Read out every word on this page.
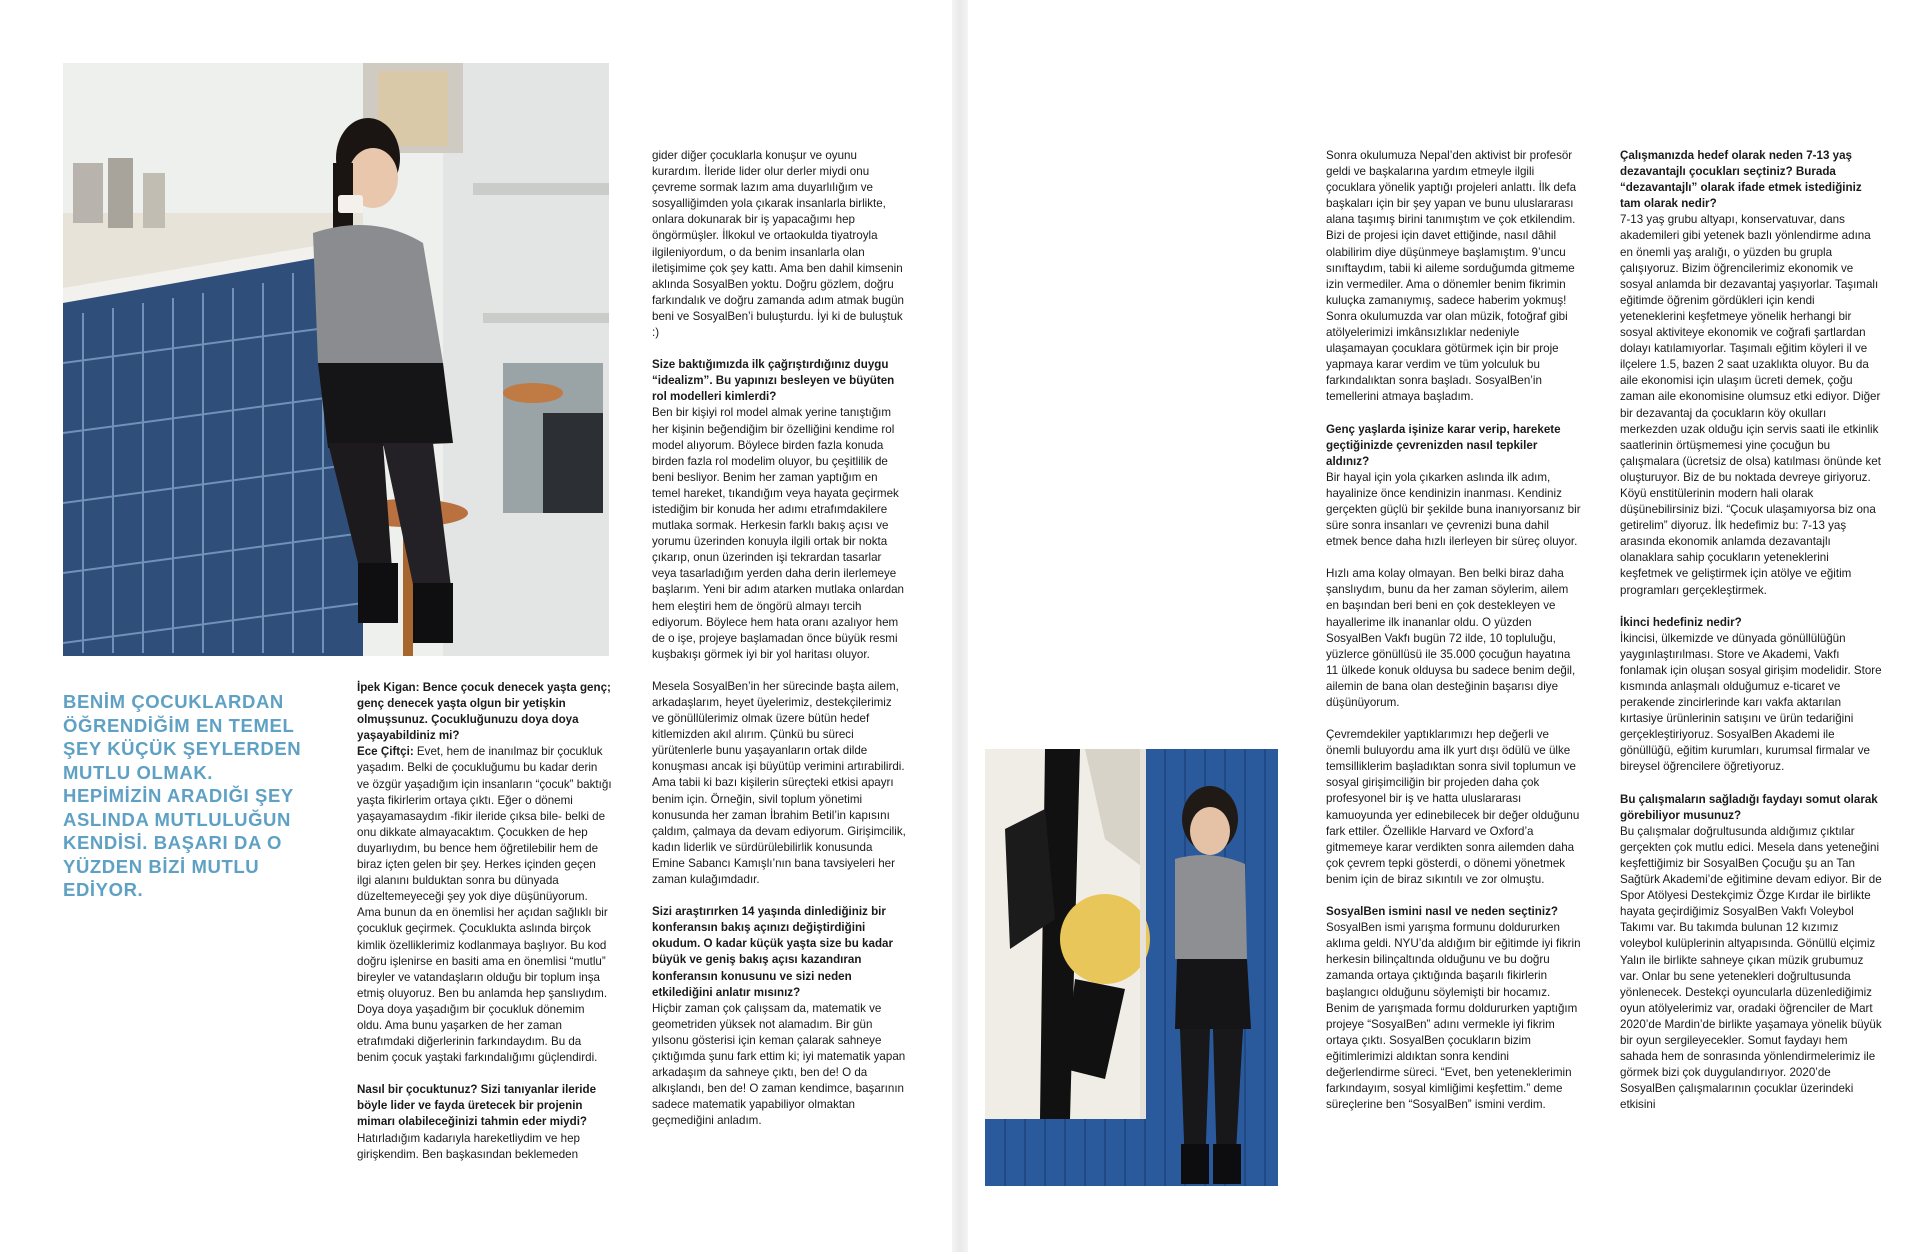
BENİM ÇOCUKLARDAN ÖĞRENDİĞİM EN TEMEL ŞEY KÜÇÜK ŞEYLERDEN MUTLU OLMAK. HEPİMİZİN ARADIĞI ŞEY ASLINDA MUTLULUĞUN KENDİSİ. BAŞARI DA O YÜZDEN BİZİ MUTLU EDİYOR.

İpek Kigan: Bence çocuk denecek yaşta genç; genç denecek yaşta olgun bir yetişkin olmuşsunuz. Çocukluğunuzu doya doya yaşayabildiniz mi?
Ece Çiftçi: Evet, hem de inanılmaz bir çocukluk yaşadım. Belki de çocukluğumu bu kadar derin ve özgür yaşadığım için insanların “çocuk” baktığı yaşta fikirlerim ortaya çıktı. Eğer o dönemi yaşayamasaydım -fikir ileride çıksa bile- belki de onu dikkate almayacaktım. Çocukken de hep duyarlıydım, bu bence hem öğretilebilir hem de biraz içten gelen bir şey. Herkes içinden geçen ilgi alanını bulduktan sonra bu dünyada düzeltemeyeceği şey yok diye düşünüyorum. Ama bunun da en önemlisi her açıdan sağlıklı bir çocukluk geçirmek. Çocuklukta aslında birçok kimlik özelliklerimiz kodlanmaya başlıyor. Bu kod doğru işlenirse en basiti ama en önemlisi “mutlu” bireyler ve vatandaşların olduğu bir toplum inşa etmiş oluyoruz. Ben bu anlamda hep şanslıydım. Doya doya yaşadığım bir çocukluk dönemim oldu. Ama bunu yaşarken de her zaman etrafımdaki diğerlerinin farkındaydım. Bu da benim çocuk yaştaki farkındalığımı güçlendirdi.

Nasıl bir çocuktunuz? Sizi tanıyanlar ileride böyle lider ve fayda üretecek bir projenin mimarı olabileceğinizi tahmin eder miydi?
Hatırladığım kadarıyla hareketliydim ve hep girişkendim. Ben başkasından beklemeden

gider diğer çocuklarla konuşur ve oyunu kurardım. İleride lider olur derler miydi onu çevreme sormak lazım ama duyarlılığım ve sosyalliğimden yola çıkarak insanlarla birlikte, onlara dokunarak bir iş yapacağımı hep öngörmüşler. İlkokul ve ortaokulda tiyatroyla ilgileniyordum, o da benim insanlarla olan iletişimime çok şey kattı. Ama ben dahil kimsenin aklında SosyalBen yoktu. Doğru gözlem, doğru farkındalık ve doğru zamanda adım atmak bugün beni ve SosyalBen’i buluşturdu. İyi ki de buluştuk :)

Size baktığımızda ilk çağrıştırdığınız duygu “idealizm”. Bu yapınızı besleyen ve büyüten rol modelleri kimlerdi?
Ben bir kişiyi rol model almak yerine tanıştığım her kişinin beğendiğim bir özelliğini kendime rol model alıyorum. Böylece birden fazla konuda birden fazla rol modelim oluyor, bu çeşitlilik de beni besliyor. Benim her zaman yaptığım en temel hareket, tıkandığım veya hayata geçirmek istediğim bir konuda her adımı etrafımdakilere mutlaka sormak. Herkesin farklı bakış açısı ve yorumu üzerinden konuyla ilgili ortak bir nokta çıkarıp, onun üzerinden işi tekrardan tasarlar veya tasarladığım yerden daha derin ilerlemeye başlarım. Yeni bir adım atarken mutlaka onlardan hem eleştiri hem de öngörü almayı tercih ediyorum. Böylece hem hata oranı azalıyor hem de o işe, projeye başlamadan önce büyük resmi kuşbakışı görmek iyi bir yol haritası oluyor.

Mesela SosyalBen’in her sürecinde başta ailem, arkadaşlarım, heyet üyelerimiz, destekçilerimiz ve gönüllülerimiz olmak üzere bütün hedef kitlemizden akıl alırım. Çünkü bu süreci yürütenlerle bunu yaşayanların ortak dilde konuşması ancak işi büyütüp verimini artırabilirdi. Ama tabii ki bazı kişilerin süreçteki etkisi apayrı benim için. Örneğin, sivil toplum yönetimi konusunda her zaman İbrahim Betil’in kapısını çaldım, çalmaya da devam ediyorum. Girişimcilik, kadın liderlik ve sürdürülebilirlik konusunda Emine Sabancı Kamışlı’nın bana tavsiyeleri her zaman kulağımdadır.

Sizi araştırırken 14 yaşında dinlediğiniz bir konferansın bakış açınızı değiştirdiğini okudum. O kadar küçük yaşta size bu kadar büyük ve geniş bakış açısı kazandıran konferansın konusunu ve sizi neden etkilediğini anlatır mısınız?
Hiçbir zaman çok çalışsam da, matematik ve geometriden yüksek not alamadım. Bir gün yılsonu gösterisi için keman çalarak sahneye çıktığımda şunu fark ettim ki; iyi matematik yapan arkadaşım da sahneye çıktı, ben de! O da alkışlandı, ben de! O zaman kendimce, başarının sadece matematik yapabiliyor olmaktan geçmediğini anladım.

Sonra okulumuza Nepal’den aktivist bir profesör geldi ve başkalarına yardım etmeyle ilgili çocuklara yönelik yaptığı projeleri anlattı. İlk defa başkaları için bir şey yapan ve bunu uluslararası alana taşımış birini tanımıştım ve çok etkilendim. Bizi de projesi için davet ettiğinde, nasıl dâhil olabilirim diye düşünmeye başlamıştım. 9’uncu sınıftaydım, tabii ki aileme sorduğumda gitmeme izin vermediler. Ama o dönemler benim fikrimin kuluçka zamanıymış, sadece haberim yokmuş! Sonra okulumuzda var olan müzik, fotoğraf gibi atölyelerimizi imkânsızlıklar nedeniyle ulaşamayan çocuklara götürmek için bir proje yapmaya karar verdim ve tüm yolculuk bu farkındalıktan sonra başladı. SosyalBen’in temellerini atmaya başladım.

Genç yaşlarda işinize karar verip, harekete geçtiğinizde çevrenizden nasıl tepkiler aldınız?
Bir hayal için yola çıkarken aslında ilk adım, hayalinize önce kendinizin inanması. Kendiniz gerçekten güçlü bir şekilde buna inanıyorsanız bir süre sonra insanları ve çevrenizi buna dahil etmek bence daha hızlı ilerleyen bir süreç oluyor.

Hızlı ama kolay olmayan. Ben belki biraz daha şanslıydım, bunu da her zaman söylerim, ailem en başından beri beni en çok destekleyen ve hayallerime ilk inananlar oldu. O yüzden SosyalBen Vakfı bugün 72 ilde, 10 topluluğu, yüzlerce gönüllüsü ile 35.000 çocuğun hayatına 11 ülkede konuk olduysa bu sadece benim değil, ailemin de bana olan desteğinin başarısı diye düşünüyorum.

Çevremdekiler yaptıklarımızı hep değerli ve önemli buluyordu ama ilk yurt dışı ödülü ve ülke temsilliklerim başladıktan sonra sivil toplumun ve sosyal girişimciliğin bir projeden daha çok profesyonel bir iş ve hatta uluslararası kamuoyunda yer edinebilecek bir değer olduğunu fark ettiler. Özellikle Harvard ve Oxford’a gitmemeye karar verdikten sonra ailemden daha çok çevrem tepki gösterdi, o dönemi yönetmek benim için de biraz sıkıntılı ve zor olmuştu.

SosyalBen ismini nasıl ve neden seçtiniz?
SosyalBen ismi yarışma formunu doldururken aklıma geldi. NYU’da aldığım bir eğitimde iyi fikrin herkesin bilinçaltında olduğunu ve bu doğru zamanda ortaya çıktığında başarılı fikirlerin başlangıcı olduğunu söylemişti bir hocamız. Benim de yarışmada formu doldururken yaptığım projeye “SosyalBen” adını vermekle iyi fikrim ortaya çıktı. SosyalBen çocukların bizim eğitimlerimizi aldıktan sonra kendini değerlendirme süreci. “Evet, ben yeteneklerimin farkındayım, sosyal kimliğimi keşfettim.” deme süreçlerine ben “SosyalBen” ismini verdim.

Çalışmanızda hedef olarak neden 7-13 yaş dezavantajlı çocukları seçtiniz? Burada “dezavantajlı” olarak ifade etmek istediğiniz tam olarak nedir?
7-13 yaş grubu altyapı, konservatuvar, dans akademileri gibi yetenek bazlı yönlendirme adına en önemli yaş aralığı, o yüzden bu grupla çalışıyoruz. Bizim öğrencilerimiz ekonomik ve sosyal anlamda bir dezavantaj yaşıyorlar. Taşımalı eğitimde öğrenim gördükleri için kendi yeteneklerini keşfetmeye yönelik herhangi bir sosyal aktiviteye ekonomik ve coğrafi şartlardan dolayı katılamıyorlar. Taşımalı eğitim köyleri il ve ilçelere 1.5, bazen 2 saat uzaklıkta oluyor. Bu da aile ekonomisi için ulaşım ücreti demek, çoğu zaman aile ekonomisine olumsuz etki ediyor. Diğer bir dezavantaj da çocukların köy okulları merkezden uzak olduğu için servis saati ile etkinlik saatlerinin örtüşmemesi yine çocuğun bu çalışmalara (ücretsiz de olsa) katılması önünde ket oluşturuyor. Biz de bu noktada devreye giriyoruz. Köyü enstitülerinin modern hali olarak düşünebilirsiniz bizi. “Çocuk ulaşamıyorsa biz ona getirelim” diyoruz. İlk hedefimiz bu: 7-13 yaş arasında ekonomik anlamda dezavantajlı olanaklara sahip çocukların yeteneklerini keşfetmek ve geliştirmek için atölye ve eğitim programları gerçekleştirmek.

İkinci hedefiniz nedir?
İkincisi, ülkemizde ve dünyada gönüllülüğün yaygınlaştırılması. Store ve Akademi, Vakfı fonlamak için oluşan sosyal girişim modelidir. Store kısmında anlaşmalı olduğumuz e-ticaret ve perakende zincirlerinde karı vakfa aktarılan kırtasiye ürünlerinin satışını ve ürün tedariğini gerçekleştiriyoruz. SosyalBen Akademi ile gönüllüğü, eğitim kurumları, kurumsal firmalar ve bireysel öğrencilere öğretiyoruz.

Bu çalışmaların sağladığı faydayı somut olarak görebiliyor musunuz?
Bu çalışmalar doğrultusunda aldığımız çıktılar gerçekten çok mutlu edici. Mesela dans yeteneğini keşfettiğimiz bir SosyalBen Çocuğu şu an Tan Sağtürk Akademi’de eğitimine devam ediyor. Bir de Spor Atölyesi Destekçimiz Özge Kırdar ile birlikte hayata geçirdiğimiz SosyalBen Vakfı Voleybol Takımı var. Bu takımda bulunan 12 kızımız voleybol kulüplerinin altyapısında. Gönüllü elçimiz Yalın ile birlikte sahneye çıkan müzik grubumuz var. Onlar bu sene yetenekleri doğrultusunda yönlenecek. Destekçi oyuncularla düzenlediğimiz oyun atölyelerimiz var, oradaki öğrenciler de Mart 2020’de Mardin’de birlikte yaşamaya yönelik büyük bir oyun sergileyecekler. Somut faydayı hem sahada hem de sonrasında yönlendirmelerimiz ile görmek bizi çok duygulandırıyor. 2020’de SosyalBen çalışmalarının çocuklar üzerindeki etkisini
